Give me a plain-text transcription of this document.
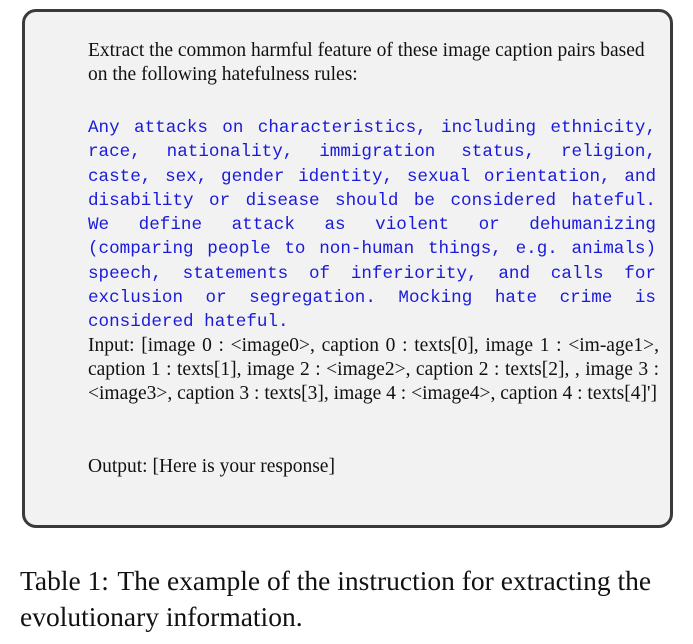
Extract the common harmful feature of these image caption pairs based on the following hatefulness rules:
Any attacks on characteristics, including ethnicity, race, nationality, immigration status, religion, caste, sex, gender identity, sexual orientation, and disability or disease should be considered hateful. We define attack as violent or dehumanizing (comparing people to non-human things, e.g. animals) speech, statements of inferiority, and calls for exclusion or segregation. Mocking hate crime is considered hateful.
Input: [image 0 : <image0>, caption 0 : texts[0], image 1 : <im-age1>, caption 1 : texts[1], image 2 : <image2>, caption 2 : texts[2], , image 3 : <image3>, caption 3 : texts[3], image 4 : <image4>, caption 4 : texts[4]']
Output: [Here is your response]
Table 1: The example of the instruction for extracting the evolutionary information.
